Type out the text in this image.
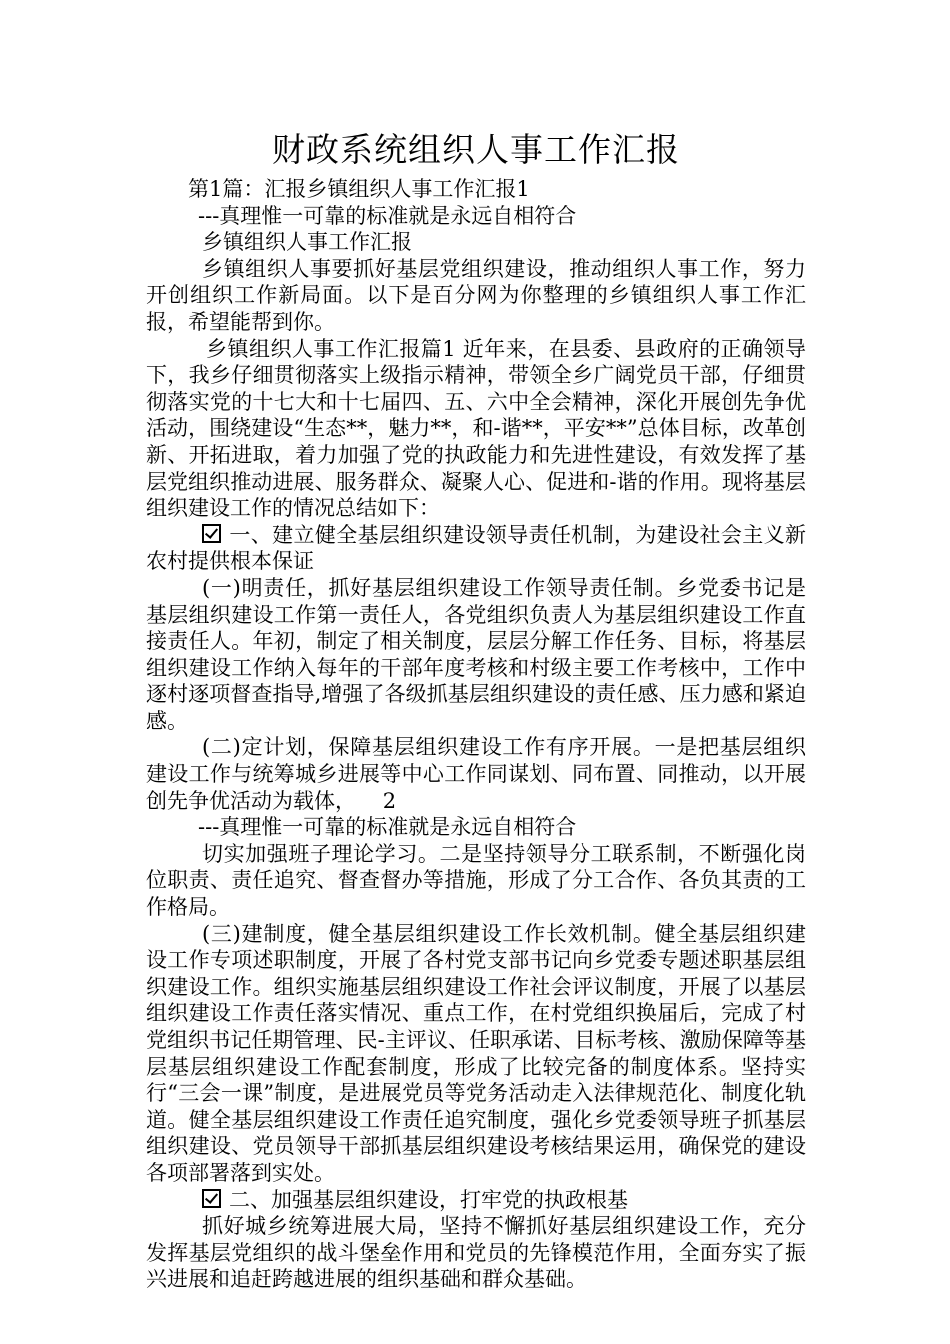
财政系统组织人事工作汇报

第1篇：汇报乡镇组织人事工作汇报1

---真理惟一可靠的标准就是永远自相符合

乡镇组织人事工作汇报

乡镇组织人事要抓好基层党组织建设，推动组织人事工作，努力开创组织工作新局面。以下是百分网为你整理的乡镇组织人事工作汇报，希望能帮到你。

乡镇组织人事工作汇报篇1 近年来，在县委、县政府的正确领导下，我乡仔细贯彻落实上级指示精神，带领全乡广阔党员干部，仔细贯彻落实党的十七大和十七届四、五、六中全会精神，深化开展创先争优活动，围绕建设“生态**，魅力**，和-谐**，平安**”总体目标，改革创新、开拓进取，着力加强了党的执政能力和先进性建设，有效发挥了基层党组织推动进展、服务群众、凝聚人心、促进和-谐的作用。现将基层组织建设工作的情况总结如下：

一、建立健全基层组织建设领导责任机制，为建设社会主义新农村提供根本保证

(一)明责任，抓好基层组织建设工作领导责任制。乡党委书记是基层组织建设工作第一责任人，各党组织负责人为基层组织建设工作直接责任人。年初，制定了相关制度，层层分解工作任务、目标，将基层组织建设工作纳入每年的干部年度考核和村级主要工作考核中，工作中逐村逐项督查指导,增强了各级抓基层组织建设的责任感、压力感和紧迫感。

(二)定计划，保障基层组织建设工作有序开展。一是把基层组织建设工作与统筹城乡进展等中心工作同谋划、同布置、同推动，以开展创先争优活动为载体， 2

---真理惟一可靠的标准就是永远自相符合

切实加强班子理论学习。二是坚持领导分工联系制，不断强化岗位职责、责任追究、督查督办等措施，形成了分工合作、各负其责的工作格局。

(三)建制度，健全基层组织建设工作长效机制。健全基层组织建设工作专项述职制度，开展了各村党支部书记向乡党委专题述职基层组织建设工作。组织实施基层组织建设工作社会评议制度，开展了以基层组织建设工作责任落实情况、重点工作，在村党组织换届后，完成了村党组织书记任期管理、民-主评议、任职承诺、目标考核、激励保障等基层基层组织建设工作配套制度，形成了比较完备的制度体系。坚持实行“三会一课”制度，是进展党员等党务活动走入法律规范化、制度化轨道。健全基层组织建设工作责任追究制度，强化乡党委领导班子抓基层组织建设、党员领导干部抓基层组织建设考核结果运用，确保党的建设各项部署落到实处。

二、加强基层组织建设，打牢党的执政根基

抓好城乡统筹进展大局，坚持不懈抓好基层组织建设工作，充分发挥基层党组织的战斗堡垒作用和党员的先锋模范作用，全面夯实了振兴进展和追赶跨越进展的组织基础和群众基础。
